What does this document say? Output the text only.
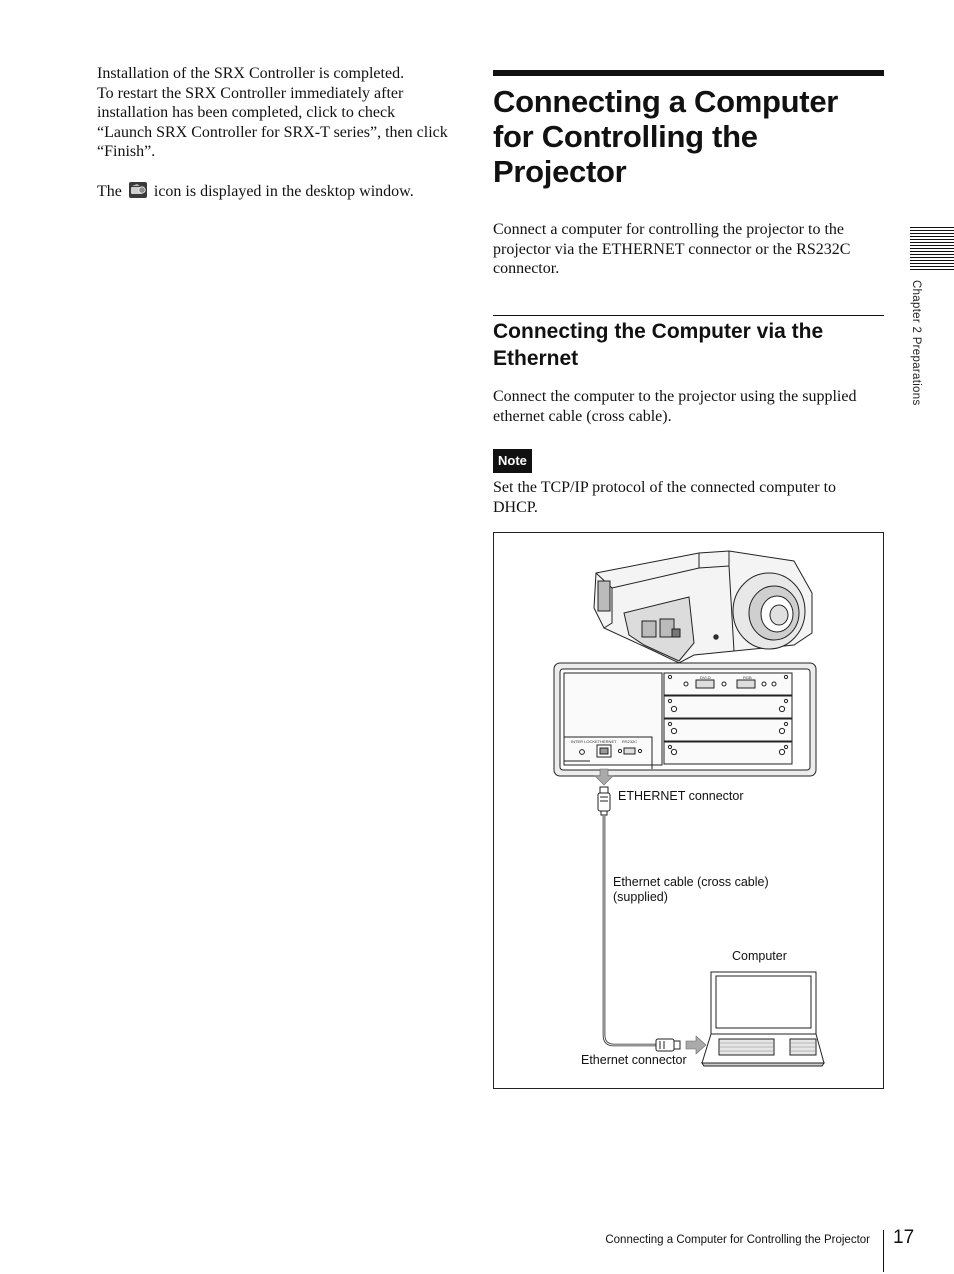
Installation of the SRX Controller is completed.
To restart the SRX Controller immediately after
installation has been completed, click to check
“Launch SRX Controller for SRX-T series”, then click
“Finish”.

The icon is displayed in the desktop window.

Connecting a Computer
for Controlling the
Projector

Connect a computer for controlling the projector to the projector via the ETHERNET connector or the RS232C connector.

Connecting the Computer via the Ethernet

Connect the computer to the projector using the supplied ethernet cable (cross cable).

Note

Set the TCP/IP protocol of the connected computer to DHCP.

INTER LOCK ETHERNET RS232C
DVI-D	RGB
ETHERNET connector
Ethernet cable (cross cable)
(supplied)
Computer
Ethernet connector
Chapter 2 Preparations
Connecting a Computer for Controlling the Projector 17
